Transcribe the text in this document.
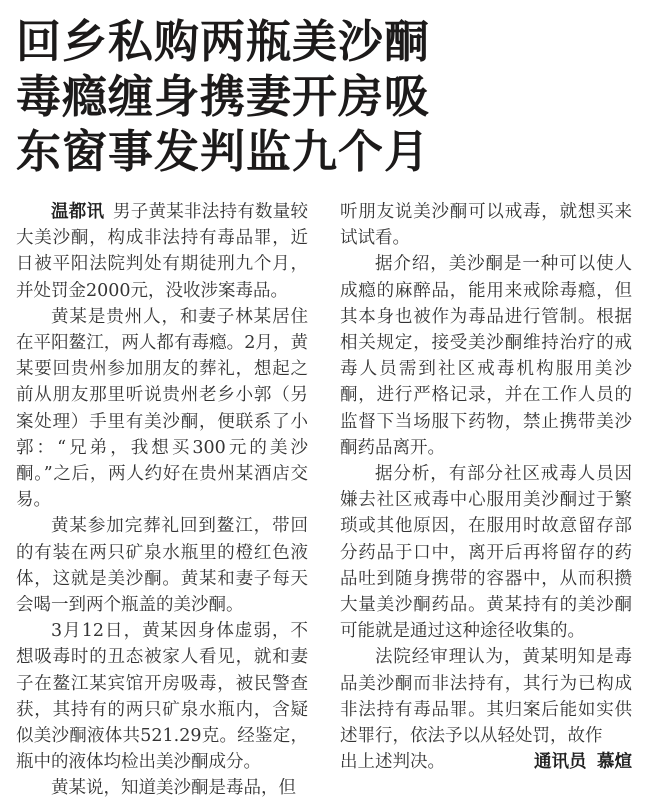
回乡私购两瓶美沙酮
毒瘾缠身携妻开房吸
东窗事发判监九个月

温都讯 男子黄某非法持有数量较大美沙酮，构成非法持有毒品罪，近日被平阳法院判处有期徒刑九个月，并处罚金2000元，没收涉案毒品。

黄某是贵州人，和妻子林某居住在平阳鳌江，两人都有毒瘾。2月，黄某要回贵州参加朋友的葬礼，想起之前从朋友那里听说贵州老乡小郭（另案处理）手里有美沙酮，便联系了小郭：“兄弟，我想买300元的美沙酮。”之后，两人约好在贵州某酒店交易。

黄某参加完葬礼回到鳌江，带回的有装在两只矿泉水瓶里的橙红色液体，这就是美沙酮。黄某和妻子每天会喝一到两个瓶盖的美沙酮。

3月12日，黄某因身体虚弱，不想吸毒时的丑态被家人看见，就和妻子在鳌江某宾馆开房吸毒，被民警查获，其持有的两只矿泉水瓶内，含疑似美沙酮液体共521.29克。经鉴定，瓶中的液体均检出美沙酮成分。

黄某说，知道美沙酮是毒品，但

听朋友说美沙酮可以戒毒，就想买来试试看。

据介绍，美沙酮是一种可以使人成瘾的麻醉品，能用来戒除毒瘾，但其本身也被作为毒品进行管制。根据相关规定，接受美沙酮维持治疗的戒毒人员需到社区戒毒机构服用美沙酮，进行严格记录，并在工作人员的监督下当场服下药物，禁止携带美沙酮药品离开。

据分析，有部分社区戒毒人员因嫌去社区戒毒中心服用美沙酮过于繁琐或其他原因，在服用时故意留存部分药品于口中，离开后再将留存的药品吐到随身携带的容器中，从而积攒大量美沙酮药品。黄某持有的美沙酮可能就是通过这种途径收集的。

法院经审理认为，黄某明知是毒品美沙酮而非法持有，其行为已构成非法持有毒品罪。其归案后能如实供述罪行，依法予以从轻处罚，故作

出上述判决。	通讯员 慕煊
